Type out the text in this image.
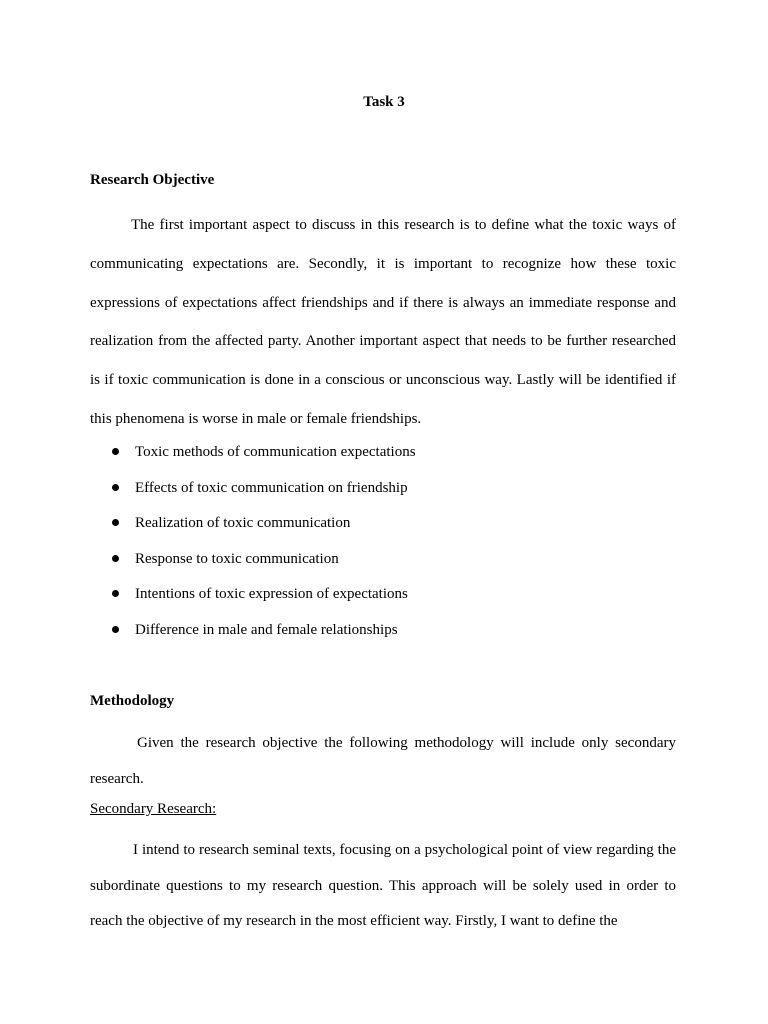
Task 3
Research Objective

The first important aspect to discuss in this research is to define what the toxic ways of communicating expectations are. Secondly, it is important to recognize how these toxic expressions of expectations affect friendships and if there is always an immediate response and realization from the affected party. Another important aspect that needs to be further researched is if toxic communication is done in a conscious or unconscious way. Lastly will be identified if this phenomena is worse in male or female friendships.

Toxic methods of communication expectations
Effects of toxic communication on friendship
Realization of toxic communication
Response to toxic communication
Intentions of toxic expression of expectations
Difference in male and female relationships
Methodology

Given the research objective the following methodology will include only secondary research.

Secondary Research:

I intend to research seminal texts, focusing on a psychological point of view regarding the subordinate questions to my research question. This approach will be solely used in order to reach the objective of my research in the most efficient way. Firstly, I want to define the
